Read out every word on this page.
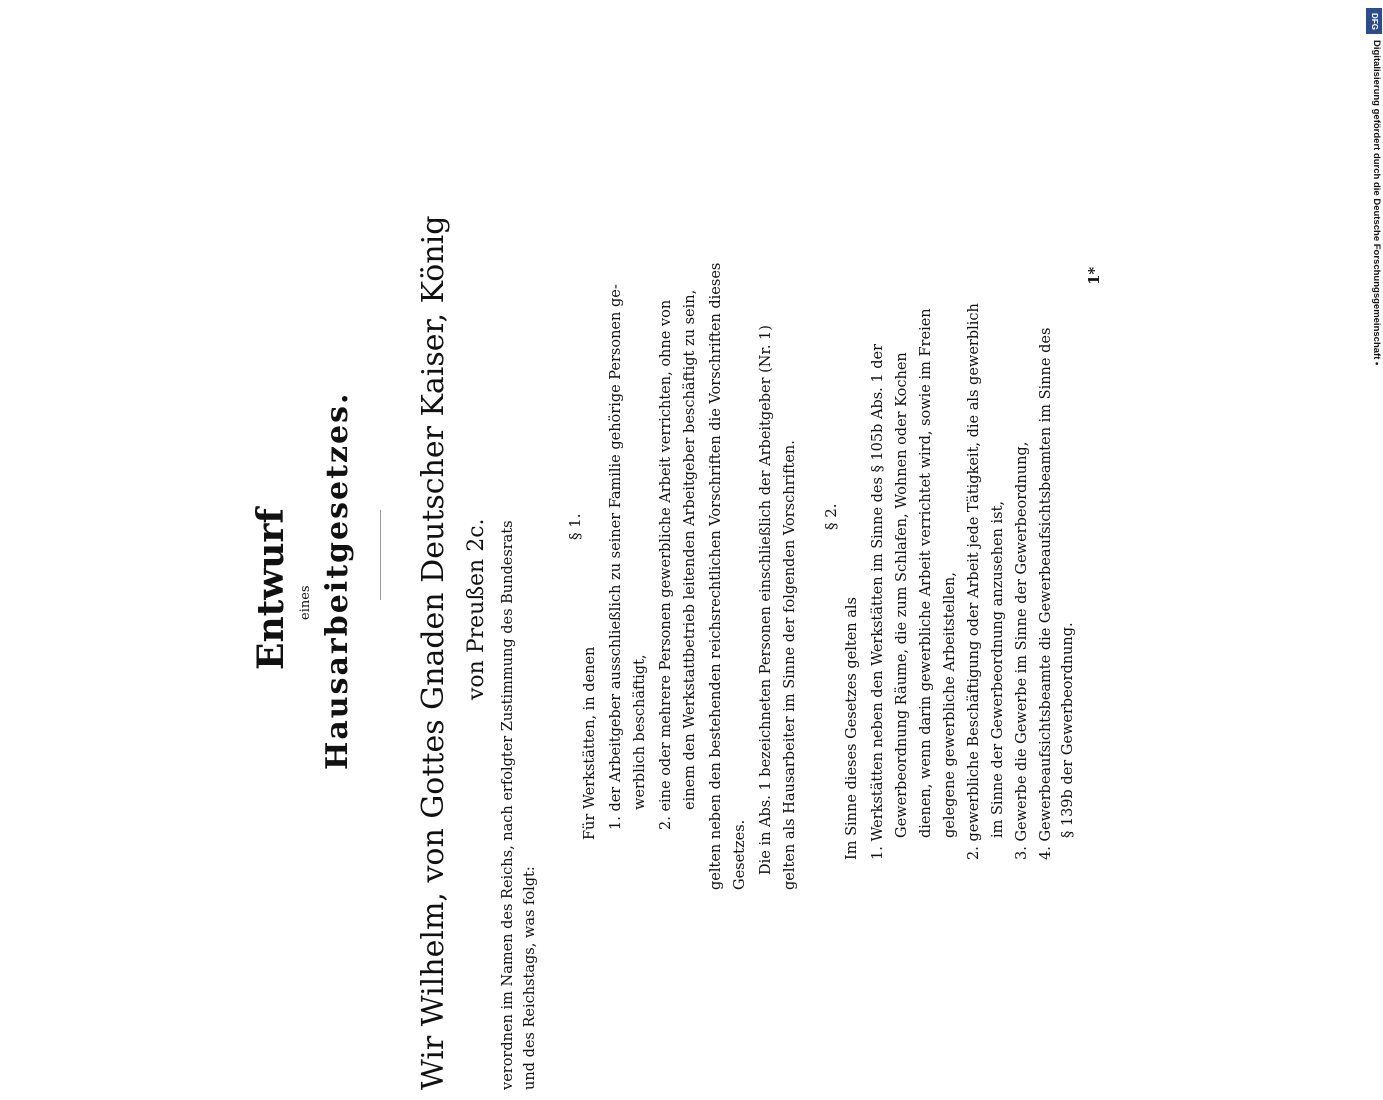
Entwurf eines Hausarbeitgesetzes. Wir Wilhelm, von Gottes Gnaden Deutscher Kaiser, König von Preußen 2c. verordnen im Namen des Reichs, nach erfolgter Zustimmung des Bundesrats und des Reichstags, was folgt:
§ 1.
Für Werkstätten, in denen 1. der Arbeitgeber ausschließlich zu seiner Familie gehörige Personen ge- werblich beschäftigt, 2. eine oder mehrere Personen gewerbliche Arbeit verrichten, ohne von einem den Werkstattbetrieb leitenden Arbeitgeber beschäftigt zu sein, gelten neben den bestehenden reichsrechtlichen Vorschriften die Vorschriften dieses Gesetzes. Die in Abs. 1 bezeichneten Personen einschließlich der Arbeitgeber (Nr. 1) gelten als Hausarbeiter im Sinne der folgenden Vorschriften. § 2.
Im Sinne dieses Gesetzes gelten als 1. Werkstätten neben den Werkstätten im Sinne des § 105b Abs. 1 der Gewerbeordnung Räume, die zum Schlafen, Wohnen oder Kochen dienen, wenn darin gewerbliche Arbeit verrichtet wird, sowie im Freien gelegene gewerbliche Arbeitstellen, 2. gewerbliche Beschäftigung oder Arbeit jede Tätigkeit, die als gewerblich im Sinne der Gewerbeordnung anzusehen ist, 3. Gewerbe die Gewerbe im Sinne der Gewerbeordnung, 4. Gewerbeaufsichtsbeamte die Gewerbeaufsichtsbeamten im Sinne des § 139b der Gewerbeordnung.
1*
DFG
Digitalisierung gefördert durch die Deutsche Forschungsgemeinschaft •
